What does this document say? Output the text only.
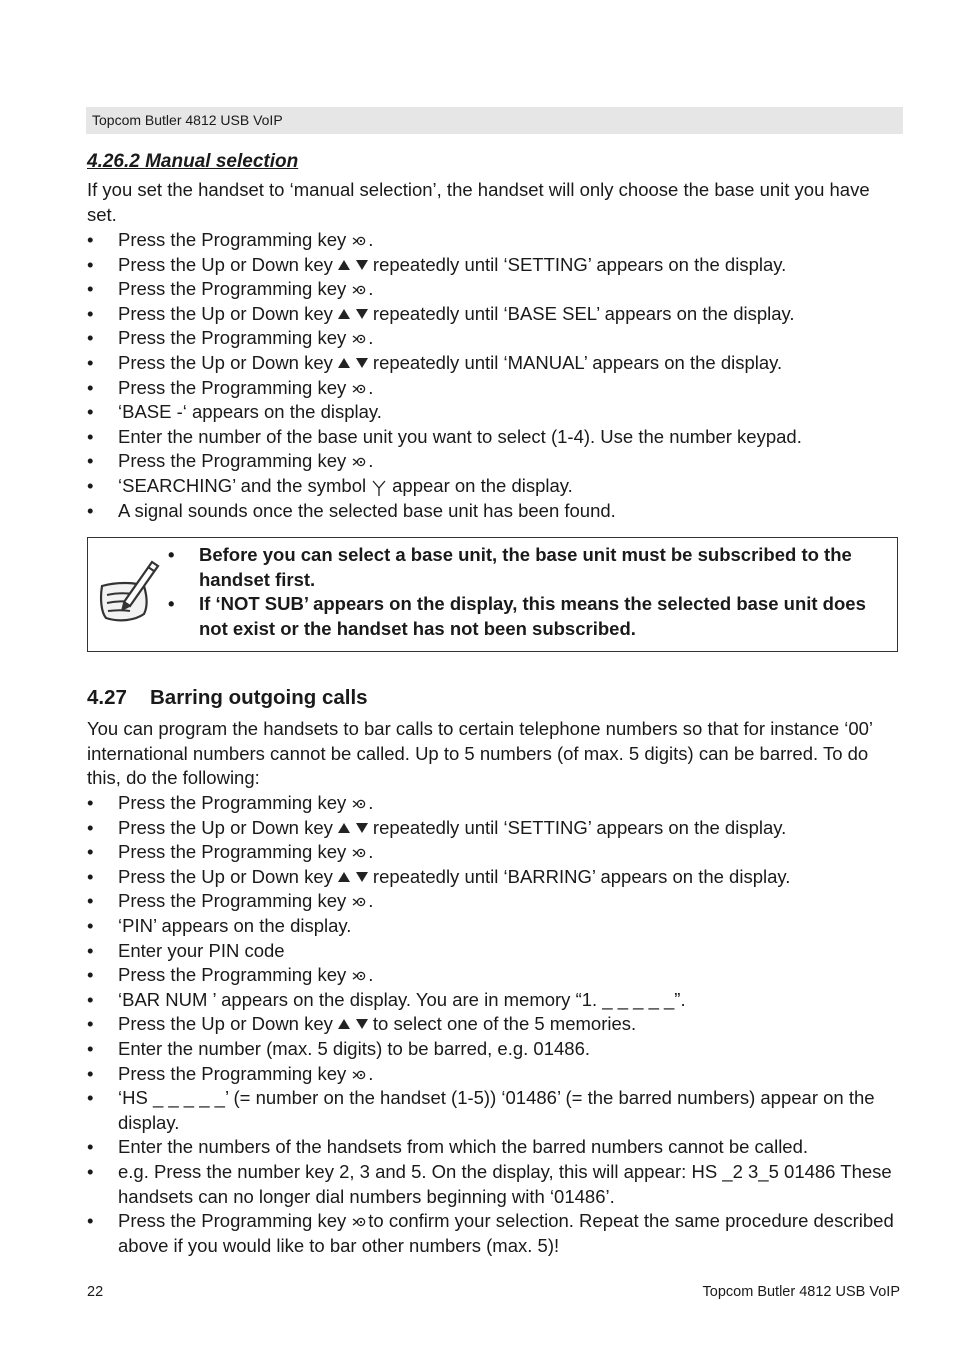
Topcom Butler 4812 USB VoIP
4.26.2 Manual selection

If you set the handset to ‘manual selection’, the handset will only choose the base unit you have set.

• Press the Programming key .
• Press the Up or Down key repeatedly until ‘SETTING’ appears on the display.
• Press the Programming key .
• Press the Up or Down key repeatedly until ‘BASE SEL’ appears on the display.
• Press the Programming key .
• Press the Up or Down key repeatedly until ‘MANUAL’ appears on the display.
• Press the Programming key .
• ‘BASE -‘ appears on the display.
• Enter the number of the base unit you want to select (1-4). Use the number keypad.
• Press the Programming key .
• ‘SEARCHING’ and the symbol appear on the display.
• A signal sounds once the selected base unit has been found.
• Before you can select a base unit, the base unit must be subscribed to the handset first.
• If ‘NOT SUB’ appears on the display, this means the selected base unit does not exist or the handset has not been subscribed.
4.27 Barring outgoing calls

You can program the handsets to bar calls to certain telephone numbers so that for instance ‘00’ international numbers cannot be called. Up to 5 numbers (of max. 5 digits) can be barred. To do this, do the following:

• Press the Programming key .
• Press the Up or Down key repeatedly until ‘SETTING’ appears on the display.
• Press the Programming key .
• Press the Up or Down key repeatedly until ‘BARRING’ appears on the display.
• Press the Programming key .
• ‘PIN’ appears on the display.
• Enter your PIN code
• Press the Programming key .
• ‘BAR NUM ’ appears on the display. You are in memory “1. _ _ _ _ _”.
• Press the Up or Down key to select one of the 5 memories.
• Enter the number (max. 5 digits) to be barred, e.g. 01486.
• Press the Programming key .
• ‘HS _ _ _ _ _’ (= number on the handset (1-5)) ‘01486’ (= the barred numbers) appear on the display.
• Enter the numbers of the handsets from which the barred numbers cannot be called.
• e.g. Press the number key 2, 3 and 5. On the display, this will appear: HS _2 3_5 01486 These handsets can no longer dial numbers beginning with ‘01486’.
• Press the Programming key to confirm your selection. Repeat the same procedure described above if you would like to bar other numbers (max. 5)!
22	Topcom Butler 4812 USB VoIP
